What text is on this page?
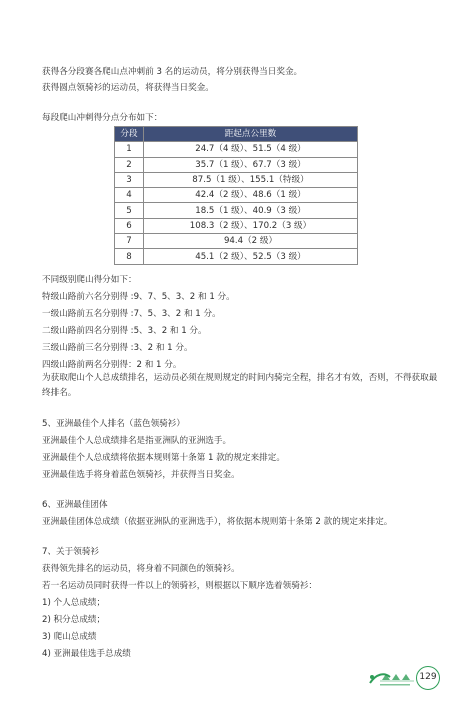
获得各分段赛各爬山点冲刺前 3 名的运动员，将分别获得当日奖金。
获得圆点领骑衫的运动员，将获得当日奖金。
每段爬山冲刺得分点分布如下：
分段	距起点公里数
1	24.7（4 级）、51.5（4 级）
2	35.7（1 级）、67.7（3 级）
3	87.5（1 级）、155.1（特级）
4	42.4（2 级）、48.6（1 级）
5	18.5（1 级）、40.9（3 级）
6	108.3（2 级）、170.2（3 级）
7	94.4（2 级）
8	45.1（2 级）、52.5（3 级）
不同级别爬山得分如下：
特级山路前六名分别得 :9、7、5、3、2 和 1 分。
一级山路前五名分别得 :7、5、3、2 和 1 分。
二级山路前四名分别得 :5、3、2 和 1 分。
三级山路前三名分别得 :3、2 和 1 分。
四级山路前两名分别得：2 和 1 分。
为获取爬山个人总成绩排名，运动员必须在规则规定的时间内骑完全程，排名才有效，否则，不得获取最终排名。
5、亚洲最佳个人排名（蓝色领骑衫）
亚洲最佳个人总成绩排名是指亚洲队的亚洲选手。
亚洲最佳个人总成绩将依据本规则第十条第 1 款的规定来排定。
亚洲最佳选手将身着蓝色领骑衫，并获得当日奖金。
6、亚洲最佳团体
亚洲最佳团体总成绩（依据亚洲队的亚洲选手），将依据本规则第十条第 2 款的规定来排定。
7、关于领骑衫
获得领先排名的运动员，将身着不同颜色的领骑衫。
若一名运动员同时获得一件以上的领骑衫，则根据以下顺序选着领骑衫：
1) 个人总成绩；
2) 积分总成绩；
3) 爬山总成绩
4) 亚洲最佳选手总成绩
129
